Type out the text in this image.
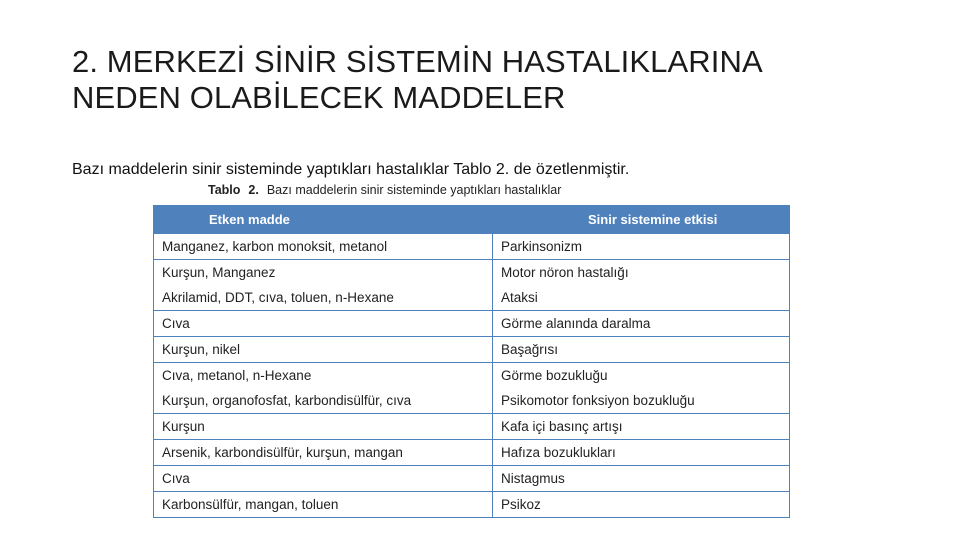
2. MERKEZİ SİNİR SİSTEMİN HASTALIKLARINA
NEDEN OLABİLECEK MADDELER
Bazı maddelerin sinir sisteminde yaptıkları hastalıklar Tablo 2. de özetlenmiştir.
Tablo 2. Bazı maddelerin sinir sisteminde yaptıkları hastalıklar
Etken madde	Sinir sistemine etkisi
Manganez, karbon monoksit, metanol	Parkinsonizm
Kurşun, Manganez	Motor nöron hastalığı
Akrilamid, DDT, cıva, toluen, n-Hexane	Ataksi
Cıva	Görme alanında daralma
Kurşun, nikel	Başağrısı
Cıva, metanol, n-Hexane	Görme bozukluğu
Kurşun, organofosfat, karbondisülfür, cıva	Psikomotor fonksiyon bozukluğu
Kurşun	Kafa içi basınç artışı
Arsenik, karbondisülfür, kurşun, mangan	Hafıza bozuklukları
Cıva	Nistagmus
Karbonsülfür, mangan, toluen	Psikoz
